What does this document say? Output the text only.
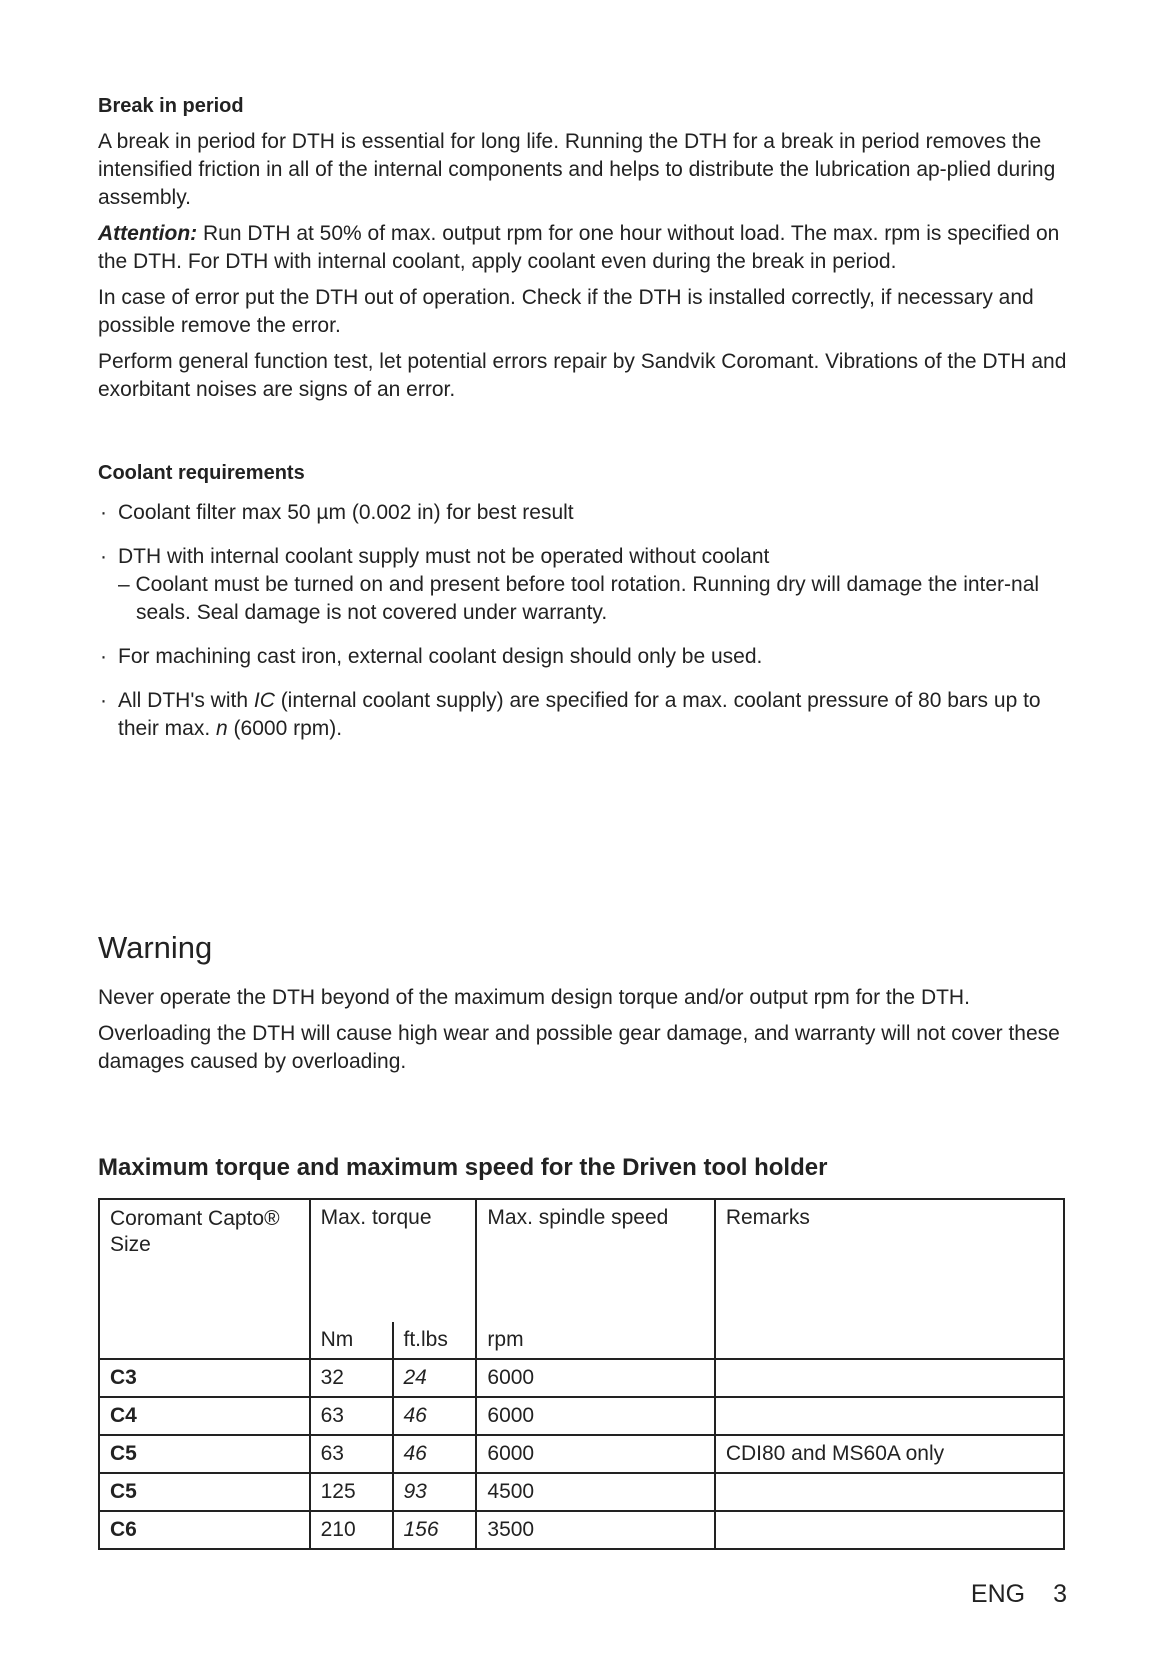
Break in period

A break in period for DTH is essential for long life. Running the DTH for a break in period removes the intensified friction in all of the internal components and helps to distribute the lubrication ap-plied during assembly.

Attention: Run DTH at 50% of max. output rpm for one hour without load. The max. rpm is specified on the DTH. For DTH with internal coolant, apply coolant even during the break in period.

In case of error put the DTH out of operation. Check if the DTH is installed correctly, if necessary and possible remove the error.

Perform general function test, let potential errors repair by Sandvik Coromant. Vibrations of the DTH and exorbitant noises are signs of an error.

Coolant requirements
· Coolant filter max 50 µm (0.002 in) for best result
· DTH with internal coolant supply must not be operated without coolant
– Coolant must be turned on and present before tool rotation. Running dry will damage the inter-nal seals. Seal damage is not covered under warranty.
· For machining cast iron, external coolant design should only be used.
· All DTH's with IC (internal coolant supply) are specified for a max. coolant pressure of 80 bars up to their max. n (6000 rpm).
Warning

Never operate the DTH beyond of the maximum design torque and/or output rpm for the DTH.

Overloading the DTH will cause high wear and possible gear damage, and warranty will not cover these damages caused by overloading.

Maximum torque and maximum speed for the Driven tool holder
Coromant Capto®
Size	Max. torque		Max. spindle speed	Remarks
	Nm	ft.lbs	rpm	
C3	32	24	6000	
C4	63	46	6000	
C5	63	46	6000	CDI80 and MS60A only
C5	125	93	4500	
C6	210	156	3500	
ENG 3
